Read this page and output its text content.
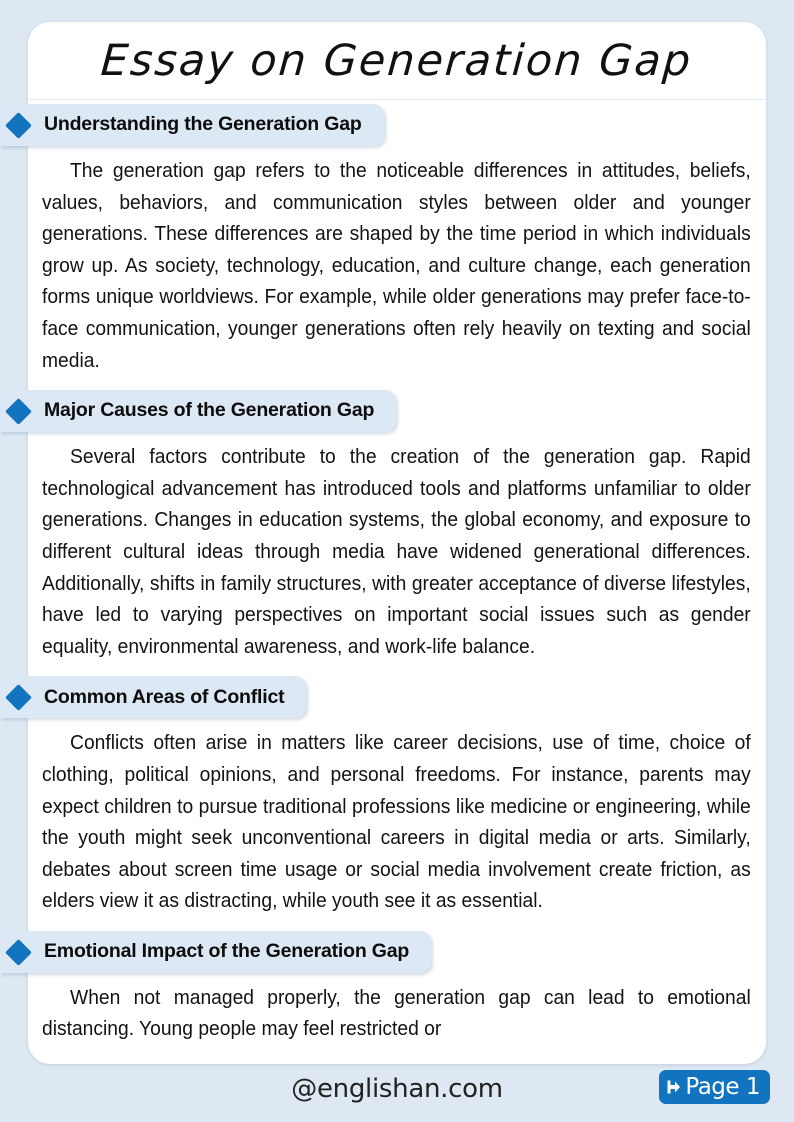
Essay on Generation Gap
Understanding the Generation Gap
The generation gap refers to the noticeable differences in attitudes, beliefs, values, behaviors, and communication styles between older and younger generations. These differences are shaped by the time period in which individuals grow up. As society, technology, education, and culture change, each generation forms unique worldviews. For example, while older generations may prefer face-to-face communication, younger generations often rely heavily on texting and social media.
Major Causes of the Generation Gap
Several factors contribute to the creation of the generation gap. Rapid technological advancement has introduced tools and platforms unfamiliar to older generations. Changes in education systems, the global economy, and exposure to different cultural ideas through media have widened generational differences. Additionally, shifts in family structures, with greater acceptance of diverse lifestyles, have led to varying perspectives on important social issues such as gender equality, environmental awareness, and work-life balance.
Common Areas of Conflict
Conflicts often arise in matters like career decisions, use of time, choice of clothing, political opinions, and personal freedoms. For instance, parents may expect children to pursue traditional professions like medicine or engineering, while the youth might seek unconventional careers in digital media or arts. Similarly, debates about screen time usage or social media involvement create friction, as elders view it as distracting, while youth see it as essential.
Emotional Impact of the Generation Gap
When not managed properly, the generation gap can lead to emotional distancing. Young people may feel restricted or
@englishan.com	Page 1
